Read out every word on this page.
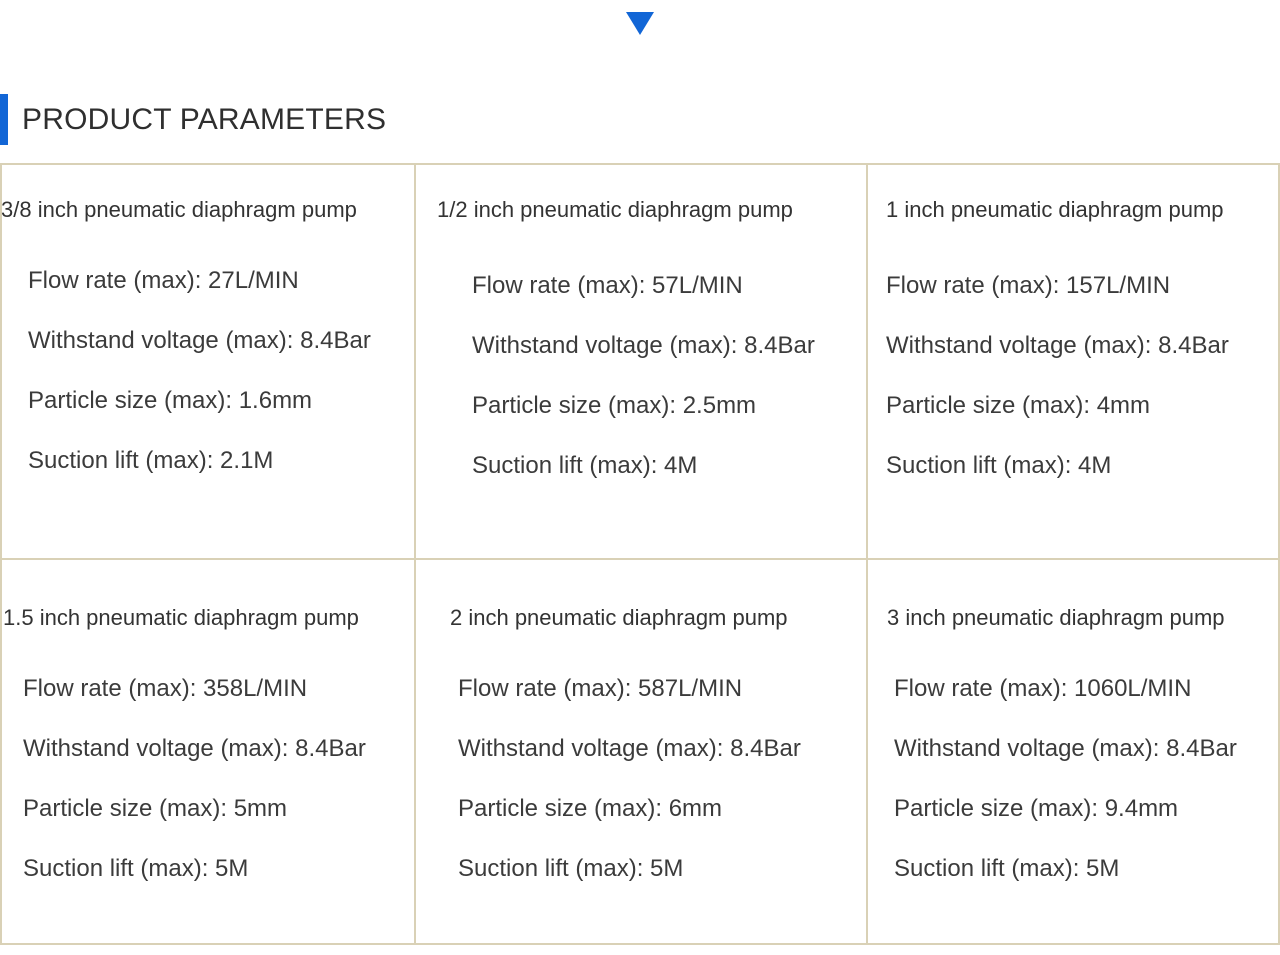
PRODUCT PARAMETERS
3/8 inch pneumatic diaphragm pump
Flow rate (max): 27L/MIN
Withstand voltage (max): 8.4Bar
Particle size (max): 1.6mm
Suction lift (max): 2.1M
1/2 inch pneumatic diaphragm pump
Flow rate (max): 57L/MIN
Withstand voltage (max): 8.4Bar
Particle size (max): 2.5mm
Suction lift (max): 4M
1 inch pneumatic diaphragm pump
Flow rate (max): 157L/MIN
Withstand voltage (max): 8.4Bar
Particle size (max): 4mm
Suction lift (max): 4M
1.5 inch pneumatic diaphragm pump
Flow rate (max): 358L/MIN
Withstand voltage (max): 8.4Bar
Particle size (max): 5mm
Suction lift (max): 5M
2 inch pneumatic diaphragm pump
Flow rate (max): 587L/MIN
Withstand voltage (max): 8.4Bar
Particle size (max): 6mm
Suction lift (max): 5M
3 inch pneumatic diaphragm pump
Flow rate (max): 1060L/MIN
Withstand voltage (max): 8.4Bar
Particle size (max): 9.4mm
Suction lift (max): 5M
